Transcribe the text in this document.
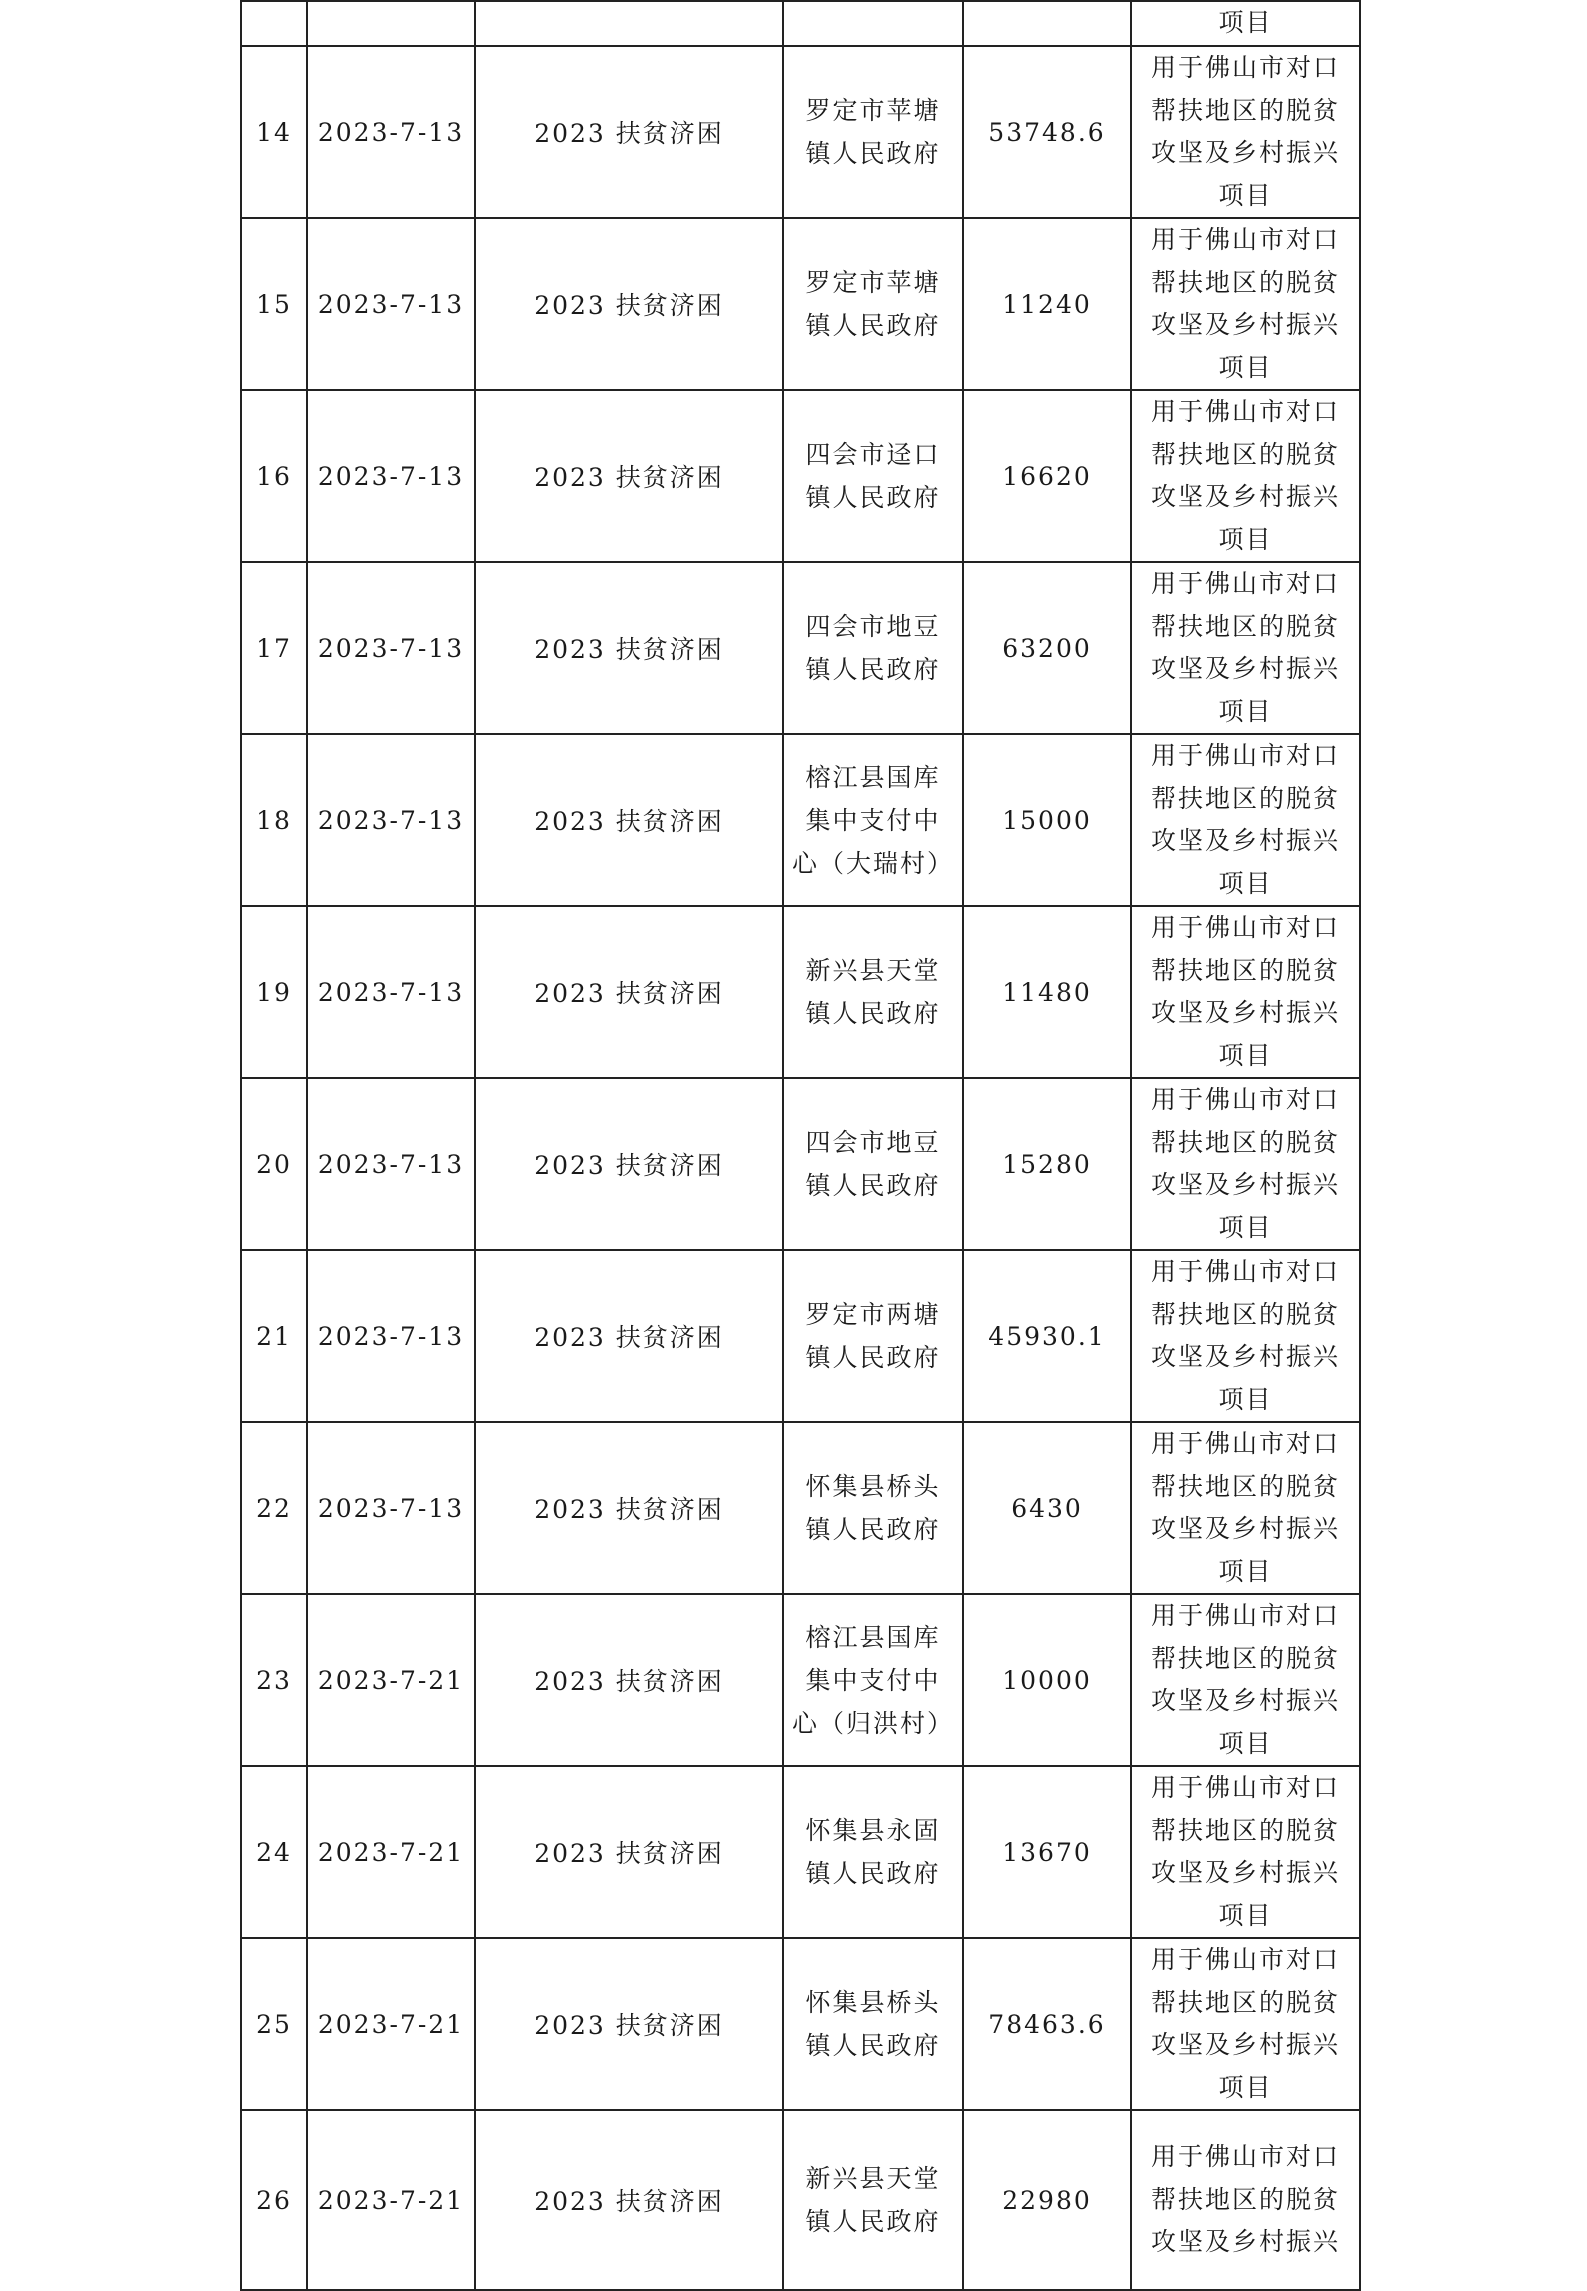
					项目

14	2023-7-13	2023 扶贫济困	罗定市苹塘
镇人民政府	53748.6	用于佛山市对口
帮扶地区的脱贫
攻坚及乡村振兴
项目

15	2023-7-13	2023 扶贫济困	罗定市苹塘
镇人民政府	11240	用于佛山市对口
帮扶地区的脱贫
攻坚及乡村振兴
项目

16	2023-7-13	2023 扶贫济困	四会市迳口
镇人民政府	16620	用于佛山市对口
帮扶地区的脱贫
攻坚及乡村振兴
项目

17	2023-7-13	2023 扶贫济困	四会市地豆
镇人民政府	63200	用于佛山市对口
帮扶地区的脱贫
攻坚及乡村振兴
项目

18	2023-7-13	2023 扶贫济困	榕江县国库
集中支付中
心（大瑞村）	15000	用于佛山市对口
帮扶地区的脱贫
攻坚及乡村振兴
项目

19	2023-7-13	2023 扶贫济困	新兴县天堂
镇人民政府	11480	用于佛山市对口
帮扶地区的脱贫
攻坚及乡村振兴
项目

20	2023-7-13	2023 扶贫济困	四会市地豆
镇人民政府	15280	用于佛山市对口
帮扶地区的脱贫
攻坚及乡村振兴
项目

21	2023-7-13	2023 扶贫济困	罗定市两塘
镇人民政府	45930.1	用于佛山市对口
帮扶地区的脱贫
攻坚及乡村振兴
项目

22	2023-7-13	2023 扶贫济困	怀集县桥头
镇人民政府	6430	用于佛山市对口
帮扶地区的脱贫
攻坚及乡村振兴
项目

23	2023-7-21	2023 扶贫济困	榕江县国库
集中支付中
心（归洪村）	10000	用于佛山市对口
帮扶地区的脱贫
攻坚及乡村振兴
项目

24	2023-7-21	2023 扶贫济困	怀集县永固
镇人民政府	13670	用于佛山市对口
帮扶地区的脱贫
攻坚及乡村振兴
项目

25	2023-7-21	2023 扶贫济困	怀集县桥头
镇人民政府	78463.6	用于佛山市对口
帮扶地区的脱贫
攻坚及乡村振兴
项目

26	2023-7-21	2023 扶贫济困	新兴县天堂
镇人民政府	22980	用于佛山市对口
帮扶地区的脱贫
攻坚及乡村振兴
